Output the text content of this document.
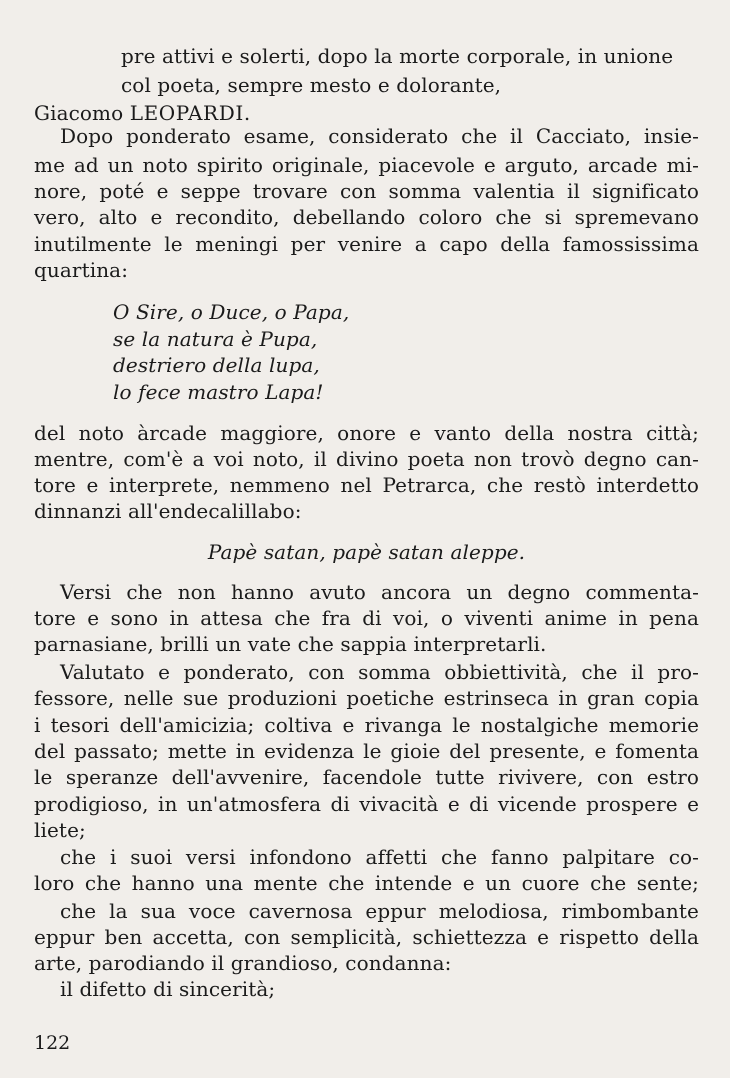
pre attivi e solerti, dopo la morte corporale, in unione
col poeta, sempre mesto e dolorante,
Giacomo LEOPARDI.
Dopo ponderato esame, considerato che il Cacciato, insie-
me ad un noto spirito originale, piacevole e arguto, arcade mi-
nore, poté e seppe trovare con somma valentia il significato
vero, alto e recondito, debellando coloro che si spremevano
inutilmente le meningi per venire a capo della famossissima
quartina:
O Sire, o Duce, o Papa,
se la natura è Pupa,
destriero della lupa,
lo fece mastro Lapa!
del noto àrcade maggiore, onore e vanto della nostra città;
mentre, com'è a voi noto, il divino poeta non trovò degno can-
tore e interprete, nemmeno nel Petrarca, che restò interdetto
dinnanzi all'endecalillabo:
Papè satan, papè satan aleppe.
Versi che non hanno avuto ancora un degno commenta-
tore e sono in attesa che fra di voi, o viventi anime in pena
parnasiane, brilli un vate che sappia interpretarli.
Valutato e ponderato, con somma obbiettività, che il pro-
fessore, nelle sue produzioni poetiche estrinseca in gran copia
i tesori dell'amicizia; coltiva e rivanga le nostalgiche memorie
del passato; mette in evidenza le gioie del presente, e fomenta
le speranze dell'avvenire, facendole tutte rivivere, con estro
prodigioso, in un'atmosfera di vivacità e di vicende prospere e
liete;
che i suoi versi infondono affetti che fanno palpitare co-
loro che hanno una mente che intende e un cuore che sente;
che la sua voce cavernosa eppur melodiosa, rimbombante
eppur ben accetta, con semplicità, schiettezza e rispetto della
arte, parodiando il grandioso, condanna:
il difetto di sincerità;
122
